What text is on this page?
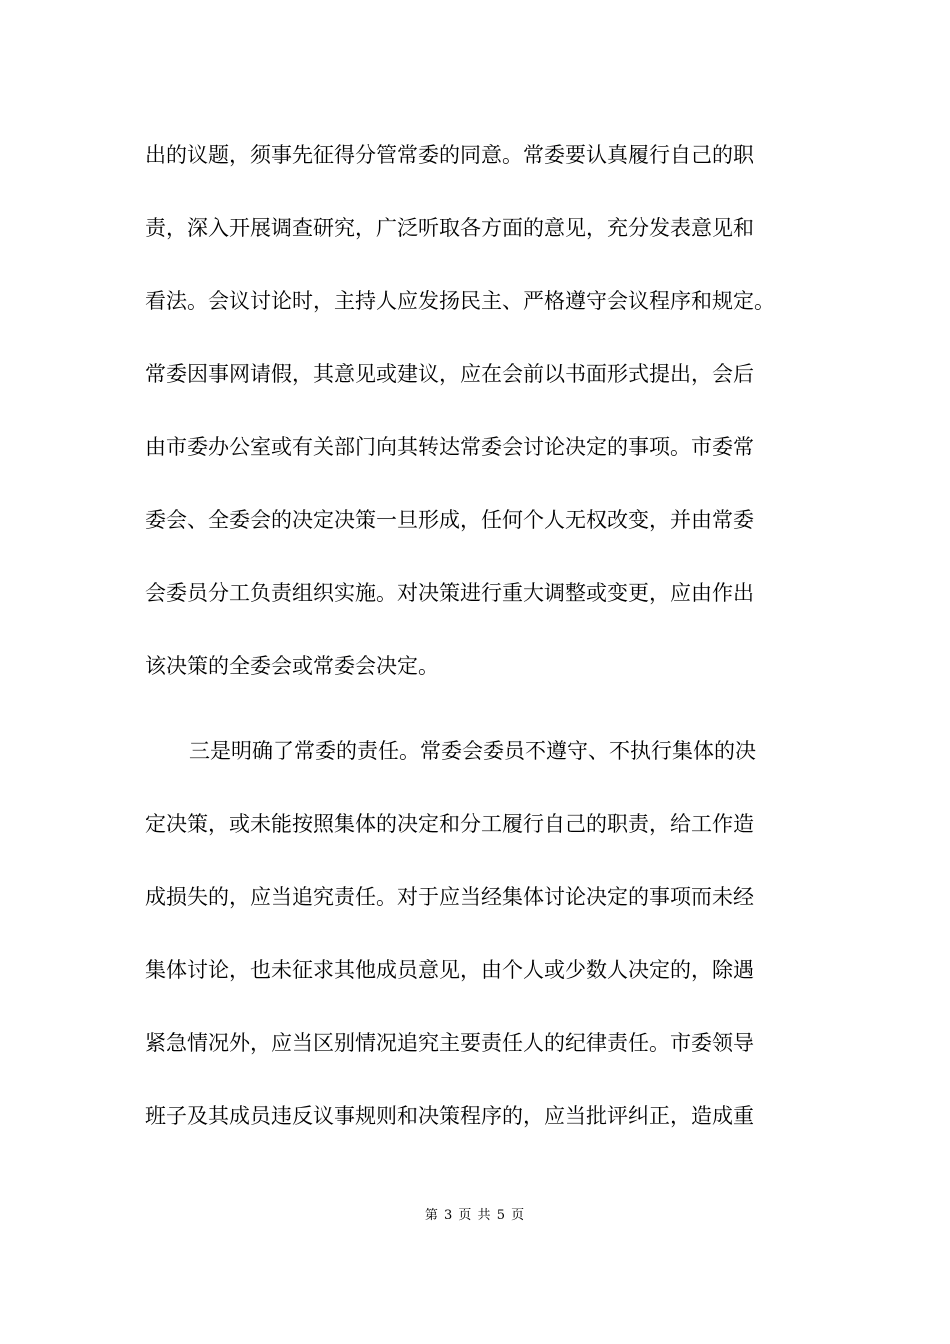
出的议题，须事先征得分管常委的同意。常委要认真履行自己的职
责，深入开展调查研究，广泛听取各方面的意见，充分发表意见和
看法。会议讨论时，主持人应发扬民主、严格遵守会议程序和规定。
常委因事网请假，其意见或建议，应在会前以书面形式提出，会后
由市委办公室或有关部门向其转达常委会讨论决定的事项。市委常
委会、全委会的决定决策一旦形成，任何个人无权改变，并由常委
会委员分工负责组织实施。对决策进行重大调整或变更，应由作出
该决策的全委会或常委会决定。
三是明确了常委的责任。常委会委员不遵守、不执行集体的决
定决策，或未能按照集体的决定和分工履行自己的职责，给工作造
成损失的，应当追究责任。对于应当经集体讨论决定的事项而未经
集体讨论，也未征求其他成员意见，由个人或少数人决定的，除遇
紧急情况外，应当区别情况追究主要责任人的纪律责任。市委领导
班子及其成员违反议事规则和决策程序的，应当批评纠正，造成重
第 3 页 共 5 页
